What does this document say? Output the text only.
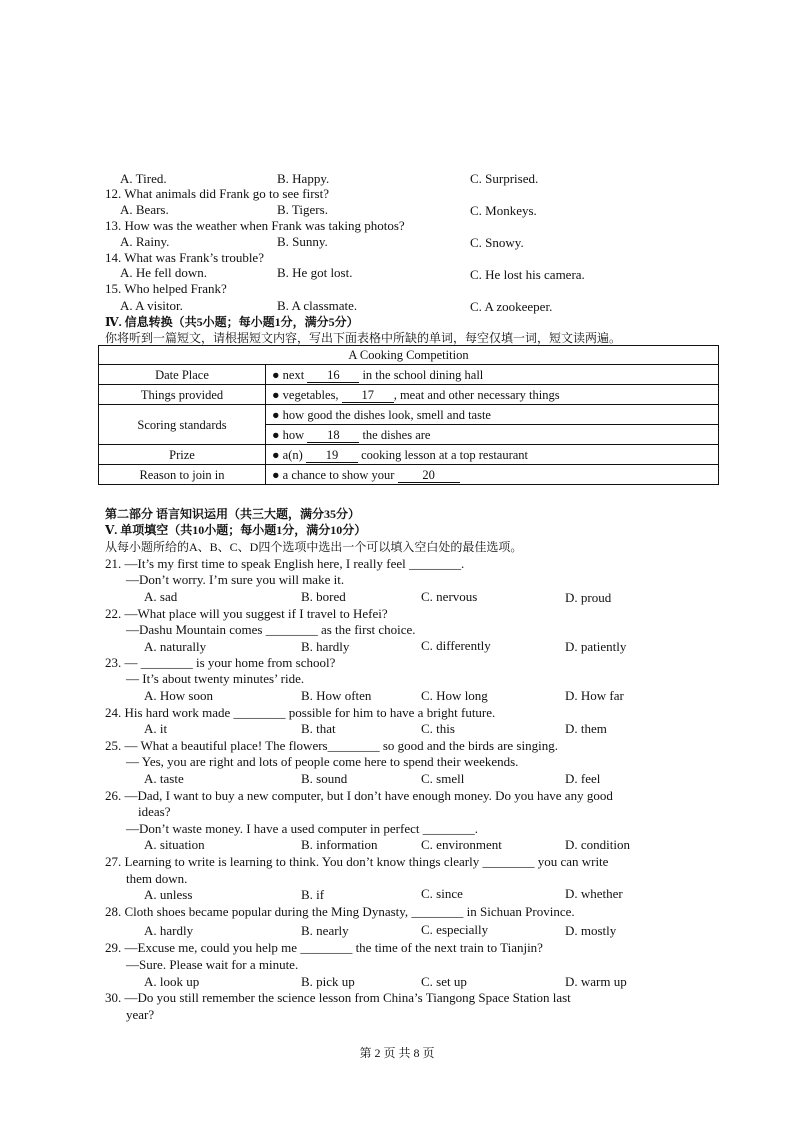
A. Tired.	B. Happy.	C. Surprised.
12. What animals did Frank go to see first?
A. Bears.	B. Tigers.	C. Monkeys.
13. How was the weather when Frank was taking photos?
A. Rainy.	B. Sunny.	C. Snowy.
14. What was Frank’s trouble?
A. He fell down.	B. He got lost.	C. He lost his camera.
15. Who helped Frank?
A. A visitor.	B. A classmate.	C. A zookeeper.
Ⅳ. 信息转换（共5小题；每小题1分，满分5分）
你将听到一篇短文，请根据短文内容，写出下面表格中所缺的单词，每空仅填一词，短文读两遍。
A Cooking Competition	
Date Place	● next 16 in the school dining hall
Things provided	● vegetables, 17 , meat and other necessary things
Scoring standards	● how good the dishes look, smell and taste
	● how 18 the dishes are
Prize	● a(n) 19 cooking lesson at a top restaurant
Reason to join in	● a chance to show your 20
第二部分 语言知识运用（共三大题，满分35分）
Ⅴ. 单项填空（共10小题；每小题1分，满分10分）
从每小题所给的A、B、C、D四个选项中选出一个可以填入空白处的最佳选项。
21. —It’s my first time to speak English here, I really feel ________.
—Don’t worry. I’m sure you will make it.
A. sad	B. bored	C. nervous	D. proud
22. —What place will you suggest if I travel to Hefei?
—Dashu Mountain comes ________ as the first choice.
A. naturally	B. hardly	C. differently	D. patiently
23. — ________ is your home from school?
— It’s about twenty minutes’ ride.
A. How soon	B. How often	C. How long	D. How far
24. His hard work made ________ possible for him to have a bright future.
A. it	B. that	C. this	D. them
25. — What a beautiful place! The flowers________ so good and the birds are singing.
— Yes, you are right and lots of people come here to spend their weekends.
A. taste	B. sound	C. smell	D. feel
26. —Dad, I want to buy a new computer, but I don’t have enough money. Do you have any good
ideas?
—Don’t waste money. I have a used computer in perfect ________.
A. situation	B. information	C. environment	D. condition
27. Learning to write is learning to think. You don’t know things clearly ________ you can write
them down.
A. unless	B. if	C. since	D. whether
28. Cloth shoes became popular during the Ming Dynasty, ________ in Sichuan Province.
A. hardly	B. nearly	C. especially	D. mostly
29. —Excuse me, could you help me ________ the time of the next train to Tianjin?
—Sure. Please wait for a minute.
A. look up	B. pick up	C. set up	D. warm up
30. —Do you still remember the science lesson from China’s Tiangong Space Station last
year?
第 2 页 共 8 页
